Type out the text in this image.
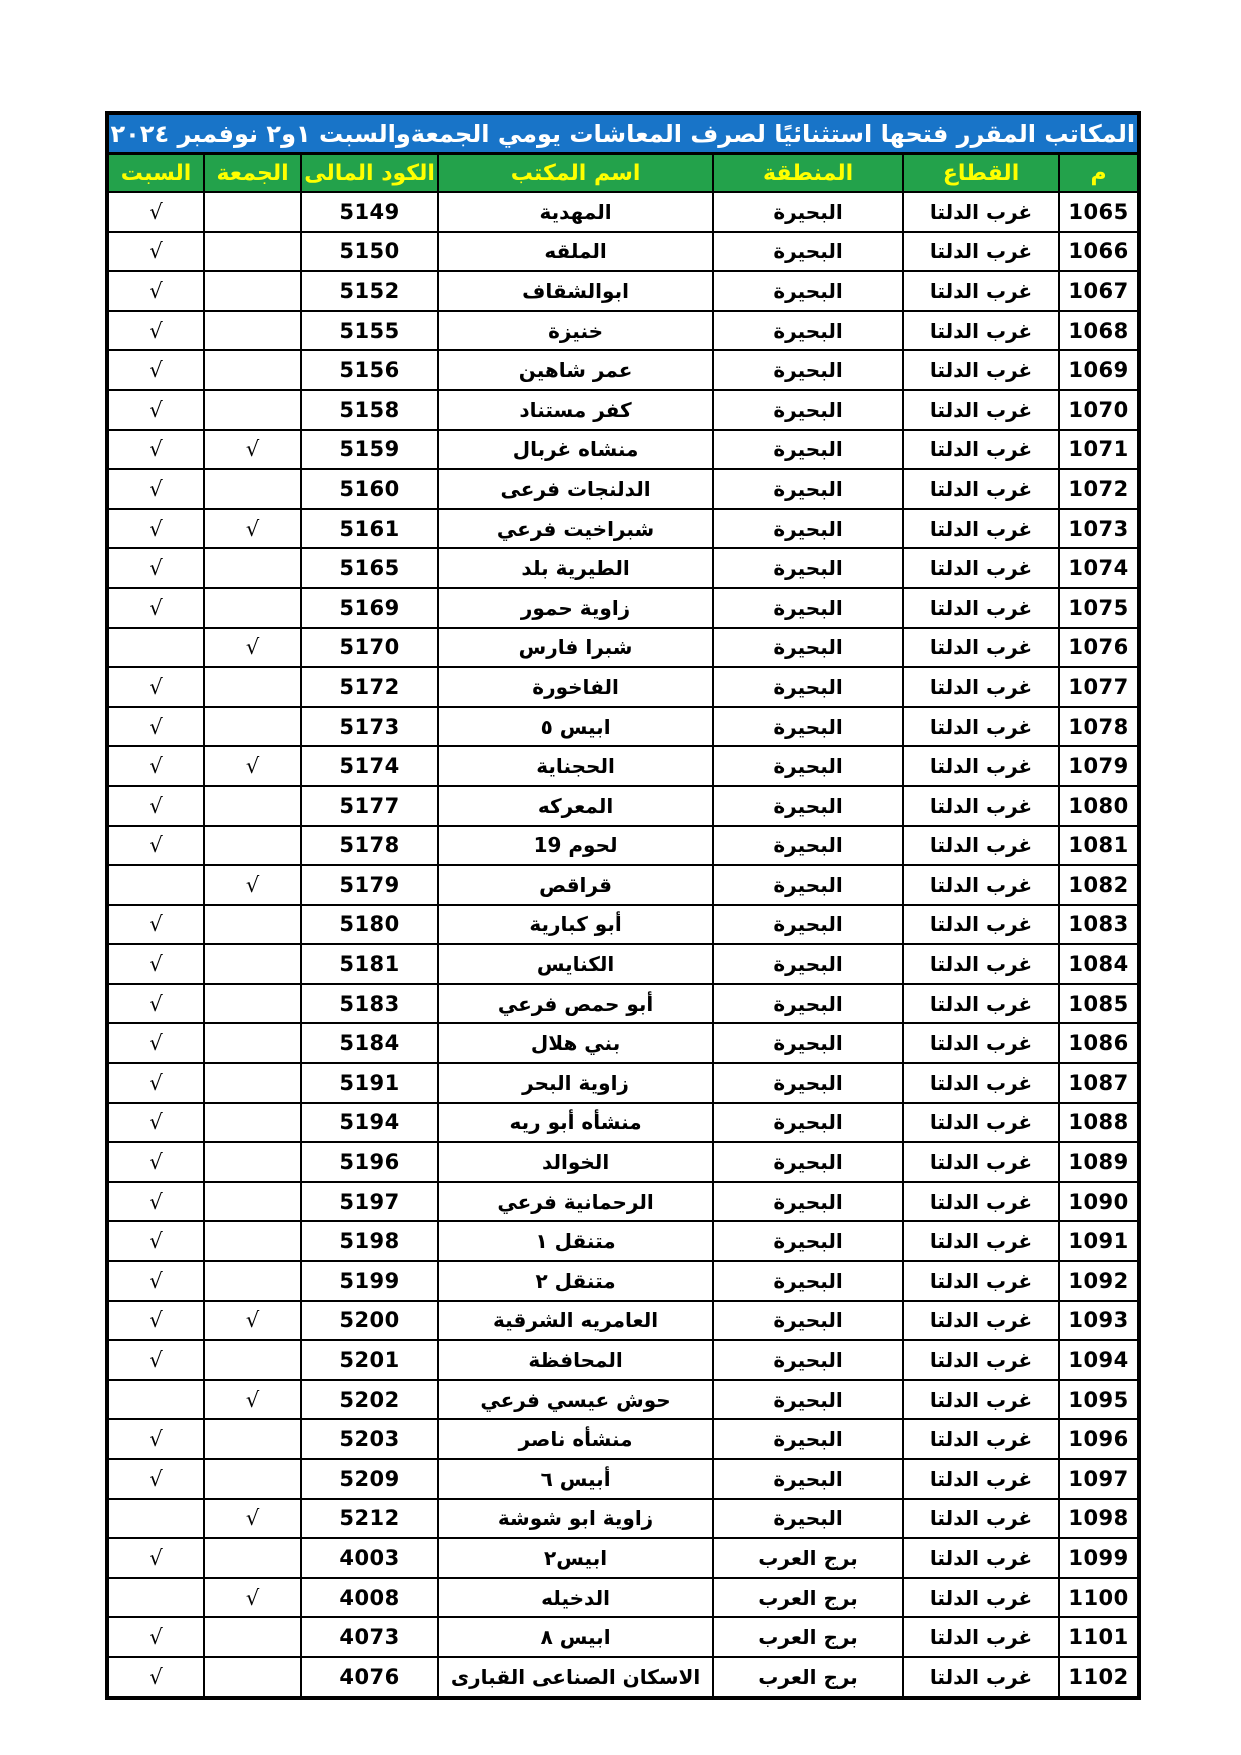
المكاتب المقرر فتحها استثنائيًا لصرف المعاشات يومي الجمعةوالسبت ١و٢ نوفمبر ٢٠٢٤						
م	القطاع	المنطقة	اسم المكتب	الكود المالى	الجمعة	السبت
1065	غرب الدلتا	البحيرة	المهدية	5149		√
1066	غرب الدلتا	البحيرة	الملقه	5150		√
1067	غرب الدلتا	البحيرة	ابوالشقاف	5152		√
1068	غرب الدلتا	البحيرة	خنيزة	5155		√
1069	غرب الدلتا	البحيرة	عمر شاهين	5156		√
1070	غرب الدلتا	البحيرة	كفر مستناد	5158		√
1071	غرب الدلتا	البحيرة	منشاه غربال	5159	√	√
1072	غرب الدلتا	البحيرة	الدلنجات فرعى	5160		√
1073	غرب الدلتا	البحيرة	شبراخيت فرعي	5161	√	√
1074	غرب الدلتا	البحيرة	الطيرية بلد	5165		√
1075	غرب الدلتا	البحيرة	زاوية حمور	5169		√
1076	غرب الدلتا	البحيرة	شبرا فارس	5170	√	
1077	غرب الدلتا	البحيرة	الفاخورة	5172		√
1078	غرب الدلتا	البحيرة	ابيس ٥	5173		√
1079	غرب الدلتا	البحيرة	الحجناية	5174	√	√
1080	غرب الدلتا	البحيرة	المعركه	5177		√
1081	غرب الدلتا	البحيرة	لحوم 19	5178		√
1082	غرب الدلتا	البحيرة	قراقص	5179	√	
1083	غرب الدلتا	البحيرة	أبو كبارية	5180		√
1084	غرب الدلتا	البحيرة	الكنايس	5181		√
1085	غرب الدلتا	البحيرة	أبو حمص فرعي	5183		√
1086	غرب الدلتا	البحيرة	بني هلال	5184		√
1087	غرب الدلتا	البحيرة	زاوية البحر	5191		√
1088	غرب الدلتا	البحيرة	منشأه أبو ريه	5194		√
1089	غرب الدلتا	البحيرة	الخوالد	5196		√
1090	غرب الدلتا	البحيرة	الرحمانية فرعي	5197		√
1091	غرب الدلتا	البحيرة	متنقل ١	5198		√
1092	غرب الدلتا	البحيرة	متنقل ٢	5199		√
1093	غرب الدلتا	البحيرة	العامريه الشرقية	5200	√	√
1094	غرب الدلتا	البحيرة	المحافظة	5201		√
1095	غرب الدلتا	البحيرة	حوش عيسي فرعي	5202	√	
1096	غرب الدلتا	البحيرة	منشأه ناصر	5203		√
1097	غرب الدلتا	البحيرة	أبيس ٦	5209		√
1098	غرب الدلتا	البحيرة	زاوية ابو شوشة	5212	√	
1099	غرب الدلتا	برج العرب	ابيس٢	4003		√
1100	غرب الدلتا	برج العرب	الدخيله	4008	√	
1101	غرب الدلتا	برج العرب	ابيس ٨	4073		√
1102	غرب الدلتا	برج العرب	الاسكان الصناعى القبارى	4076		√
